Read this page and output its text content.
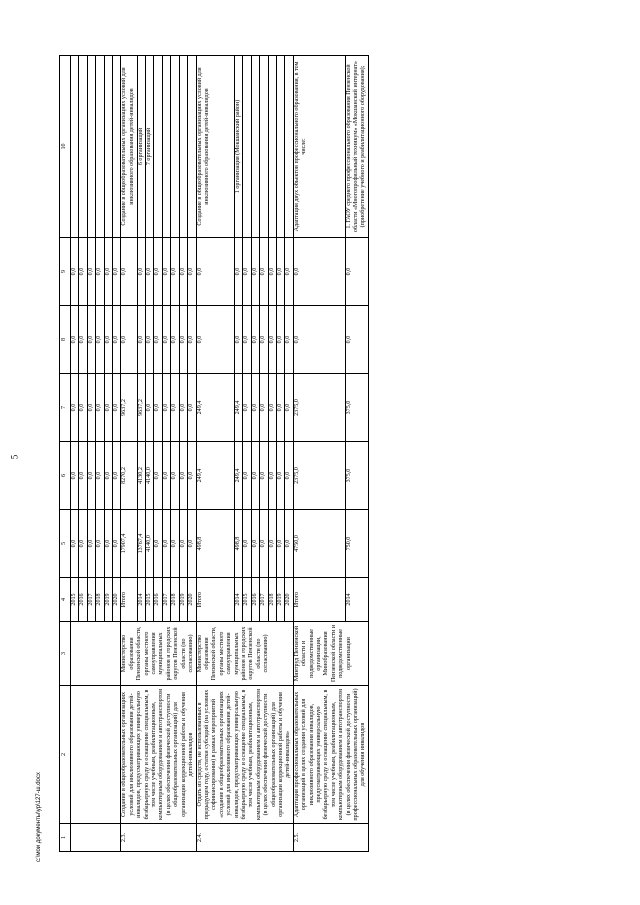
5
1	2	3	4	5	6	7	8	9	10
			2015	0,0	0,0	0,0	0,0	0,0	
			2016	0,0	0,0	0,0	0,0	0,0	
			2017	0,0	0,0	0,0	0,0	0,0	
			2018	0,0	0,0	0,0	0,0	0,0	
			2019	0,0	0,0	0,0	0,0	0,0	
			2020	0,0	0,0	0,0	0,0	0,0	
2.3.	Создание в общеобразовательных организациях условий для инклюзивного образования детей-инвалидов, предусматривающих универсальную безбарьерную среду и оснащение специальным, в том числе учебным, реабилитационным, компьютерным оборудованием и автотранспортом (в целях обеспечения физической доступности общеобразовательных организаций) для организации коррекционной работы и обучения детей-инвалидов	Министерство образования Пензенской области, органы местного самоуправления муниципальных районов и городских округов Пензенской области (по согласованию)	Итого	17907,4	8270,2	9637,2	0,0	0,0	Создание в общеобразовательных организациях условий для инклюзивного образования детей-инвалидов
			2014	13767,4	4130,2	9637,2	0,0	0,0	6 организаций
			2015	4140,0	4140,0	0,0	0,0	0,0	7 организаций
			2016	0,0	0,0	0,0	0,0	0,0	
			2017	0,0	0,0	0,0	0,0	0,0	
			2018	0,0	0,0	0,0	0,0	0,0	
			2019	0,0	0,0	0,0	0,0	0,0	
			2020	0,0	0,0	0,0	0,0	0,0	
2.4.	Отдать из средств, не использованных в предыдущем году, остатки субсидий (на условиях софинансирования) в рамках мероприятий «создание в общеобразовательных организациях условий для инклюзивного образования детей-инвалидов, предусматривающих универсальную безбарьерную среду и оснащение специальным, в том числе учебным, реабилитационным, компьютерным оборудованием и автотранспортом (в целях обеспечения физической доступности общеобразовательных организаций) для организации коррекционной работы и обучения детей-инвалидов»	Министерство образования Пензенской области, органы местного самоуправления муниципальных районов и городских округов Пензенской области (по согласованию)	Итого	498,8	249,4	249,4	0,0	0,0	Создание в общеобразовательных организациях условий для инклюзивного образования детей-инвалидов
			2014	498,8	249,4	249,4	0,0	0,0	1 организация (Мокшанский район)
			2015	0,0	0,0	0,0	0,0	0,0	
			2016	0,0	0,0	0,0	0,0	0,0	
			2017	0,0	0,0	0,0	0,0	0,0	
			2018	0,0	0,0	0,0	0,0	0,0	
			2019	0,0	0,0	0,0	0,0	0,0	
			2020	0,0	0,0	0,0	0,0	0,0	
2.5.	Адаптация профессиональных образовательных организаций в целях создания условий для инклюзивного образования инвалидов, предусматривающих универсальную безбарьерную среду и оснащение специальным, в том числе учебным, реабилитационным, компьютерным оборудованием и автотранспортом (в целях обеспечения физической доступности профессиональных образовательных организаций) для обучения инвалидов	Минтруд Пензенской области и подведомственные организации, Минобразования Пензенской области и подведомственные организации	Итого	4750,0	2375,0	2375,0	0,0	0,0	Адаптация двух объектов профессионального образования, в том числе:
			2014	750,0	375,0	375,0	0,0	0,0	1. ГАОУ среднего профессионального образования Пензенской области «Многопрофильный техникум» «Мокшанский интернат» (приобретение учебного и реабилитационного оборудования);
c:\мои документы\ур\127-ш.docx
